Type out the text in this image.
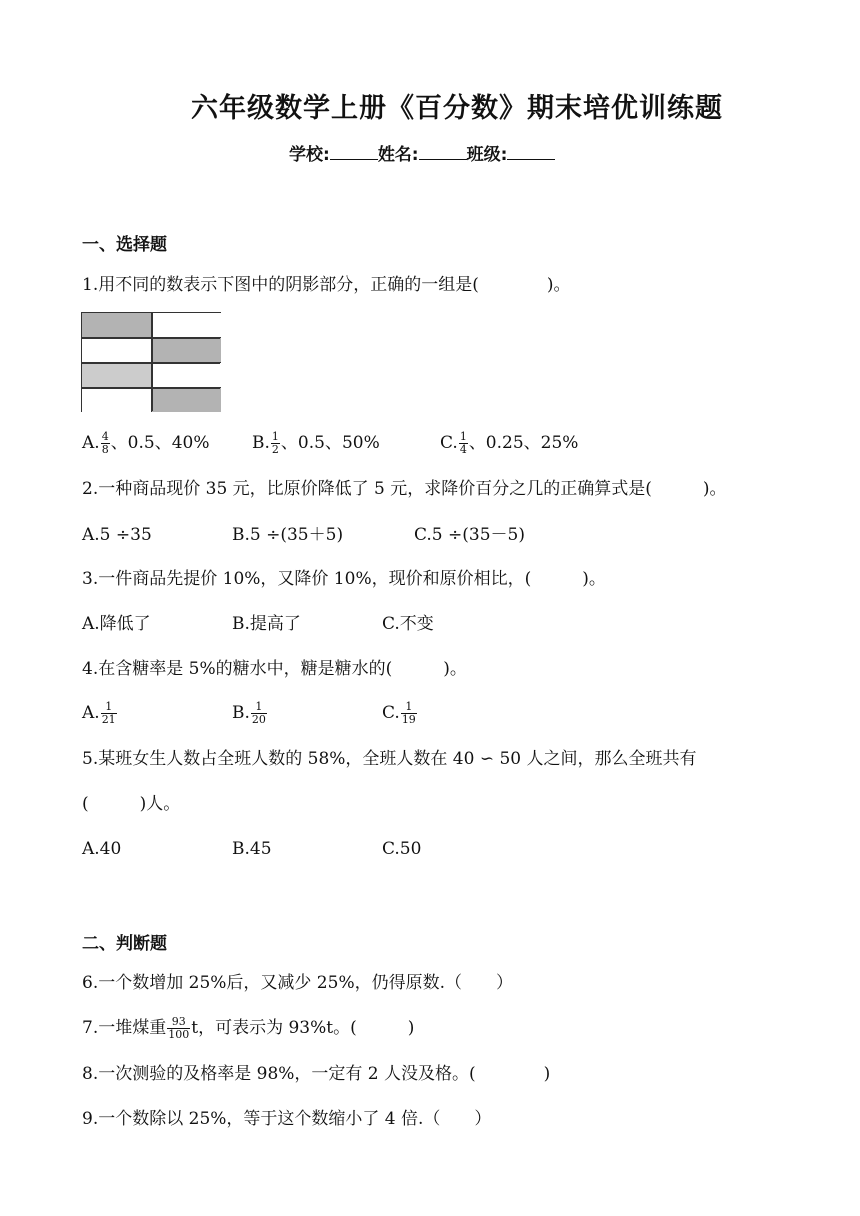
六年级数学上册《百分数》期末培优训练题
学校:	姓名:	班级:
一、选择题
1.用不同的数表示下图中的阴影部分，正确的一组是(　　　　)。
A. $\frac{4}{8}$ 、0.5、40% B. $\frac{1}{2}$ 、0.5、50%	C. $\frac{1}{4}$ 、0.25、25%
2.一种商品现价 35 元，比原价降低了 5 元，求降价百分之几的正确算式是(　　　)。
A.5 ÷35	B.5 ÷(35＋5)	C.5 ÷(35－5)
3.一件商品先提价 10%，又降价 10%，现价和原价相比，(　　　)。
A.降低了	B.提高了	C.不变
4.在含糖率是 5%的糖水中，糖是糖水的(　　　)。
A. $\frac{1}{21}$	B. $\frac{1}{20}$	C. $\frac{1}{19}$
5.某班女生人数占全班人数的 58%，全班人数在 40 ∽ 50 人之间，那么全班共有
(　　　)人。
A.40	B.45	C.50
二、判断题
6.一个数增加 25%后，又减少 25%，仍得原数.（　　）
7.一堆煤重 $\frac{93}{100}$ t，可表示为 93%t。(　　　)
8.一次测验的及格率是 98%，一定有 2 人没及格。(　　　　)
9.一个数除以 25%，等于这个数缩小了 4 倍.（　　）
